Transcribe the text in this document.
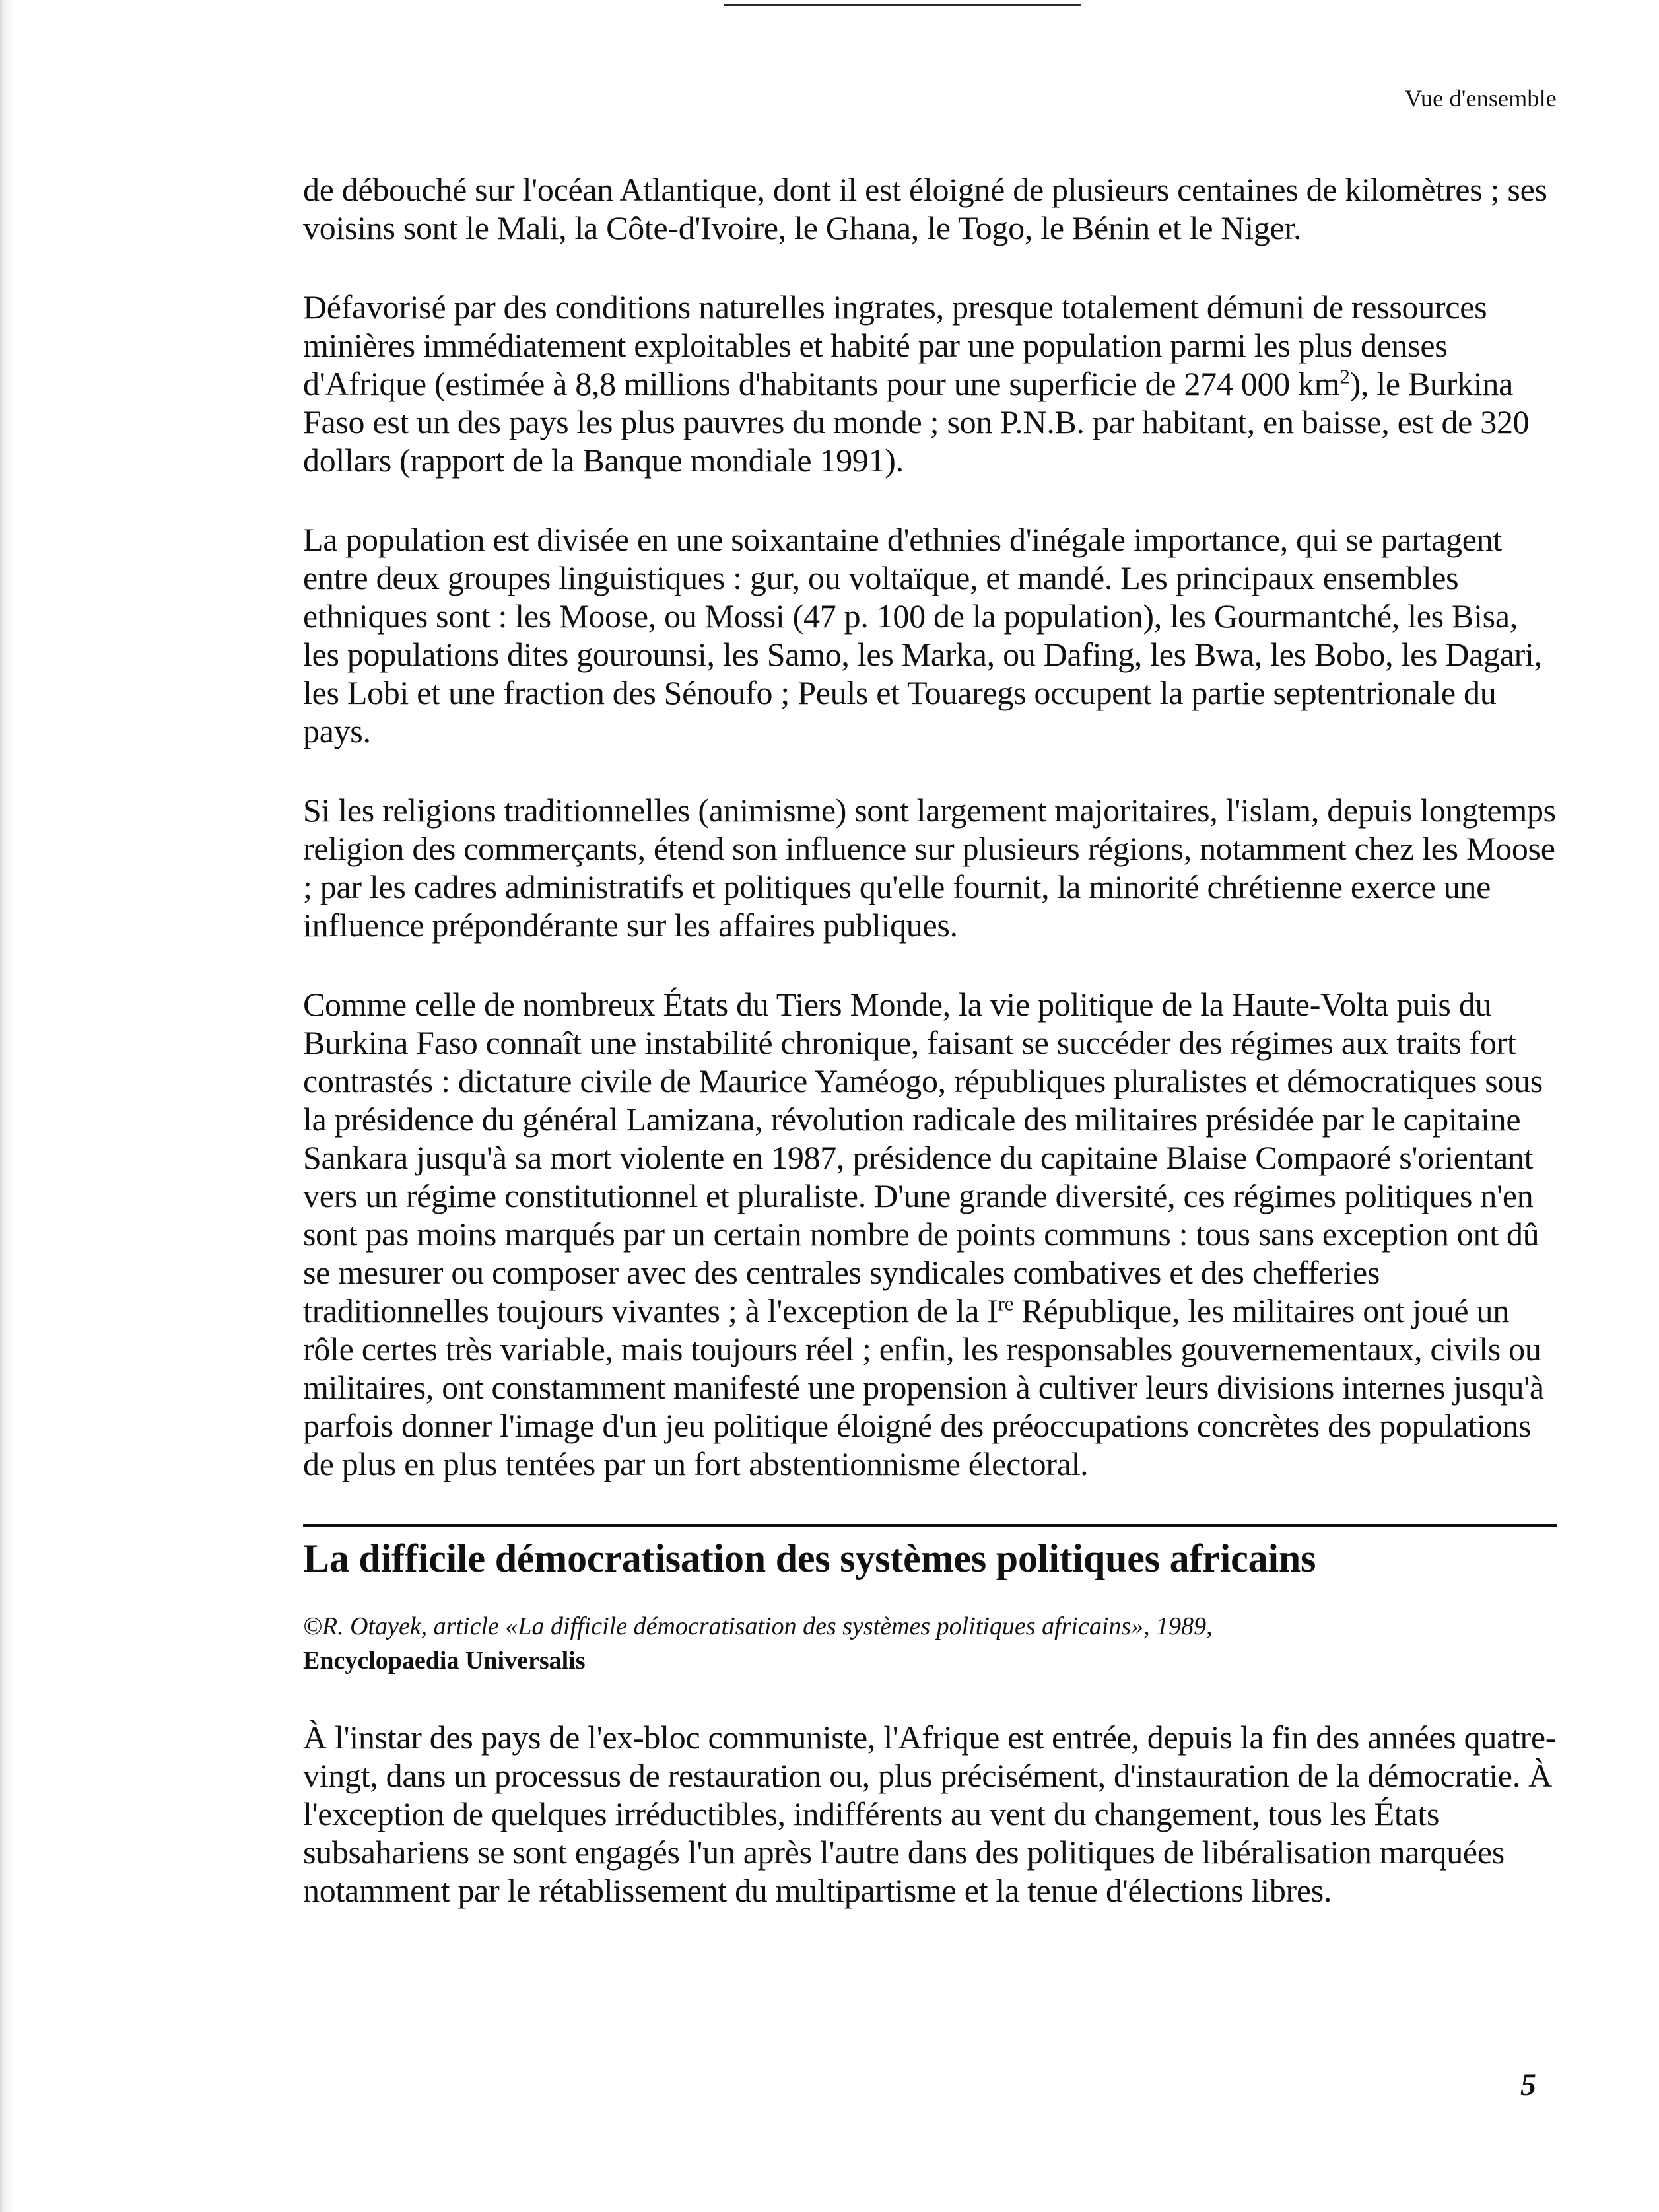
Vue d'ensemble

de débouché sur l'océan Atlantique, dont il est éloigné de plusieurs centaines de kilomètres ; ses voisins sont le Mali, la Côte-d'Ivoire, le Ghana, le Togo, le Bénin et le Niger.

Défavorisé par des conditions naturelles ingrates, presque totalement démuni de ressources minières immédiatement exploitables et habité par une population parmi les plus denses d'Afrique (estimée à 8,8 millions d'habitants pour une superficie de 274 000 $km^2$), le Burkina Faso est un des pays les plus pauvres du monde ; son P.N.B. par habitant, en baisse, est de 320 dollars (rapport de la Banque mondiale 1991).

La population est divisée en une soixantaine d'ethnies d'inégale importance, qui se partagent entre deux groupes linguistiques : gur, ou voltaïque, et mandé. Les principaux ensembles ethniques sont : les Moose, ou Mossi (47 p. 100 de la population), les Gourmantché, les Bisa, les populations dites gourounsi, les Samo, les Marka, ou Dafing, les Bwa, les Bobo, les Dagari, les Lobi et une fraction des Sénoufo ; Peuls et Touaregs occupent la partie septentrionale du pays.

Si les religions traditionnelles (animisme) sont largement majoritaires, l'islam, depuis longtemps religion des commerçants, étend son influence sur plusieurs régions, notamment chez les Moose ; par les cadres administratifs et politiques qu'elle fournit, la minorité chrétienne exerce une influence prépondérante sur les affaires publiques.

Comme celle de nombreux États du Tiers Monde, la vie politique de la Haute-Volta puis du Burkina Faso connaît une instabilité chronique, faisant se succéder des régimes aux traits fort contrastés : dictature civile de Maurice Yaméogo, républiques pluralistes et démocratiques sous la présidence du général Lamizana, révolution radicale des militaires présidée par le capitaine Sankara jusqu'à sa mort violente en 1987, présidence du capitaine Blaise Compaoré s'orientant vers un régime constitutionnel et pluraliste. D'une grande diversité, ces régimes politiques n'en sont pas moins marqués par un certain nombre de points communs : tous sans exception ont dû se mesurer ou composer avec des centrales syndicales combatives et des chefferies traditionnelles toujours vivantes ; à l'exception de la Ire République, les militaires ont joué un rôle certes très variable, mais toujours réel ; enfin, les responsables gouvernementaux, civils ou militaires, ont constamment manifesté une propension à cultiver leurs divisions internes jusqu'à parfois donner l'image d'un jeu politique éloigné des préoccupations concrètes des populations de plus en plus tentées par un fort abstentionnisme électoral.

La difficile démocratisation des systèmes politiques africains
©R. Otayek, article «La difficile démocratisation des systèmes politiques africains», 1989,
Encyclopaedia Universalis

À l'instar des pays de l'ex-bloc communiste, l'Afrique est entrée, depuis la fin des années quatre-vingt, dans un processus de restauration ou, plus précisément, d'instauration de la démocratie. À l'exception de quelques irréductibles, indifférents au vent du changement, tous les États subsahariens se sont engagés l'un après l'autre dans des politiques de libéralisation marquées notamment par le rétablissement du multipartisme et la tenue d'élections libres.

5
